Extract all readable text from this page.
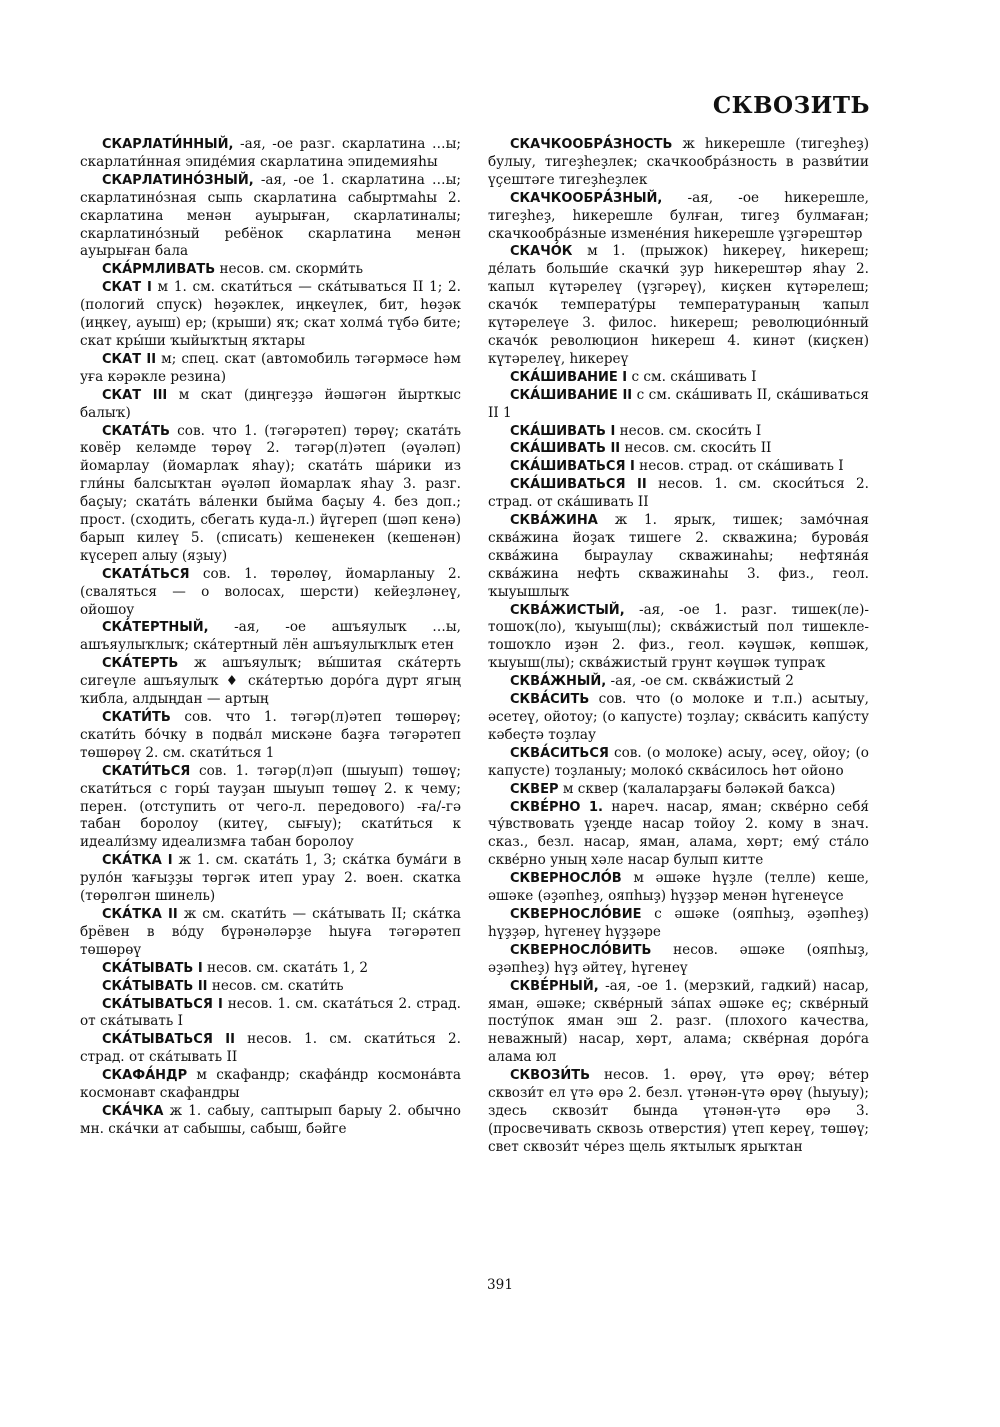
СКВОЗИТЬ

СКАРЛАТИ́ННЫЙ, -ая, -ое разг. скарлатина …ы; скарлати́нная эпиде́мия скарлатина эпидемияһы

СКАРЛАТИНО́ЗНЫЙ, -ая, -ое 1. скарлатина …ы; скарлатино́зная сыпь скарлатина сабыртмаһы 2. скарлатина менән ауырыған, скарлатиналы; скарлатино́зный ребёнок скарлатина менән ауырыған бала

СКА́РМЛИВАТЬ несов. см. скорми́ть

СКАТ I м 1. см. скати́ться — ска́тываться II 1; 2. (пологий спуск) һөҙәклек, иңкеүлек, бит, һөҙәк (иңкеү, ауыш) ер; (крыши) яҡ; скат холма́ түбә бите; скат кры́ши ҡыйыҡтың яҡтары

СКАТ II м; спец. скат (автомобиль тәгәрмәсе һәм уға кәрәкле резина)

СКАТ III м скат (диңгеҙҙә йәшәгән йырткыс балыҡ)

СКАТА́ТЬ сов. что 1. (тәгәрәтеп) төрөү; ската́ть ковёр келәмде төрөү 2. тәгәр(л)әтеп (әүәләп) йомарлау (йомарлаҡ яһау); ската́ть ша́рики из гли́ны балсыҡтан әүәләп йомарлаҡ яһау 3. разг. баҫыу; ската́ть ва́ленки быйма баҫыу 4. без доп.; прост. (сходить, сбегать куда-л.) йүгереп (шәп кенә) барып килеү 5. (списать) кешенекен (кешенән) күсереп алыу (яҙыу)

СКАТА́ТЬСЯ сов. 1. төрөлөү, йомарланыу 2. (сваляться — о волосах, шерсти) кейеҙләнеү, ойошоу

СКА́ТЕРТНЫЙ, -ая, -ое ашъяулыҡ …ы, ашъяулыҡлыҡ; ска́тертный лён ашъяулыҡлыҡ етен

СКА́ТЕРТЬ ж ашъяулыҡ; вы́шитая ска́терть сигеүле ашъяулыҡ ♦ ска́тертью доро́га дүрт ягың ҡибла, алдыңдан — артың

СКАТИ́ТЬ сов. что 1. тәгәр(л)әтеп төшөрөү; скати́ть бо́чку в подва́л мискәне баҙға тәгәрәтеп төшөрөү 2. см. скати́ться 1

СКАТИ́ТЬСЯ сов. 1. тәгәр(л)әп (шыуып) төшөү; скати́ться с горы́ тауҙан шыуып төшөү 2. к чему; перен. (отступить от чего-л. передового) -ға/-гә табан боролоу (китеү, сығыу); скати́ться к идеали́зму идеализмға табан боролоу

СКА́ТКА I ж 1. см. ската́ть 1, 3; ска́тка бума́ги в руло́н ҡағыҙҙы төргәк итеп урау 2. воен. скатка (төрөлгән шинель)

СКА́ТКА II ж см. скати́ть — ска́тывать II; ска́тка брёвен в во́ду бүрәнәләрҙе һыуға тәгәрәтеп төшөрөү

СКА́ТЫВАТЬ I несов. см. ската́ть 1, 2

СКА́ТЫВАТЬ II несов. см. скати́ть

СКА́ТЫВАТЬСЯ I несов. 1. см. ската́ться 2. страд. от ска́тывать I

СКА́ТЫВАТЬСЯ II несов. 1. см. скати́ться 2. страд. от ска́тывать II

СКАФА́НДР м скафандр; скафа́ндр космона́вта космонавт скафандры

СКА́ЧКА ж 1. сабыу, саптырып барыу 2. обычно мн. ска́чки ат сабышы, сабыш, бәйге

СКАЧКООБРА́ЗНОСТЬ ж һикерешле (тигеҙһеҙ) булыу, тигеҙһеҙлек; скачкообра́зность в разви́тии үҫештәге тигеҙһеҙлек

СКАЧКООБРА́ЗНЫЙ, -ая, -ое һикерешле, тигеҙһеҙ, һикерешле булған, тигеҙ булмаған; скачкообра́зные измене́ния һикерешле үҙгәрештәр

СКАЧО́К м 1. (прыжок) һикереү, һикереш; де́лать больши́е скачки́ ҙур һикерештәр яһау 2. ҡапыл күтәрелеү (үҙгәреү), киҫкен күтәрелеш; скачо́к температу́ры температураның ҡапыл күтәрелеүе 3. филос. һикереш; революцио́нный скачо́к революцион һикереш 4. кинәт (киҫкен) күтәрелеү, һикереү

СКА́ШИВАНИЕ I с см. ска́шивать I

СКА́ШИВАНИЕ II с см. ска́шивать II, ска́шиваться II 1

СКА́ШИВАТЬ I несов. см. скоси́ть I

СКА́ШИВАТЬ II несов. см. скоси́ть II

СКА́ШИВАТЬСЯ I несов. страд. от ска́шивать I

СКА́ШИВАТЬСЯ II несов. 1. см. скоси́ться 2. страд. от ска́шивать II

СКВА́ЖИНА ж 1. ярыҡ, тишек; замо́чная сква́жина йоҙаҡ тишеге 2. скважина; бурова́я сква́жина быраулау скважинаһы; нефтяна́я сква́жина нефть скважинаһы 3. физ., геол. ҡыуышлыҡ

СКВА́ЖИСТЫЙ, -ая, -ое 1. разг. тишек(ле)-тошоҡ(ло), ҡыуыш(лы); сква́жистый пол тишекле-тошоҡло иҙән 2. физ., геол. кәүшәк, көпшәк, ҡыуыш(лы); сква́жистый грунт кәүшәк тупраҡ

СКВА́ЖНЫЙ, -ая, -ое см. сква́жистый 2

СКВА́СИТЬ сов. что (о молоке и т.п.) асытыу, әсетеү, ойотоу; (о капусте) тоҙлау; сква́сить капу́сту кәбеҫтә тоҙлау

СКВА́СИТЬСЯ сов. (о молоке) асыу, әсеү, ойоу; (о капусте) тоҙланыу; молоко́ сква́силось һөт ойоно

СКВЕР м сквер (ҡалаларҙағы бәләкәй баҡса)

СКВЕ́РНО 1. нареч. насар, яман; скве́рно себя́ чу́вствовать үҙеңде насар тойоу 2. кому в знач. сказ., безл. насар, яман, алама, хөрт; ему́ ста́ло скве́рно уның хәле насар булып китте

СКВЕРНОСЛО́В м әшәке һүҙле (телле) кеше, әшәке (әҙәпһеҙ, ояпһыҙ) һүҙҙәр менән һүгенеүсе

СКВЕРНОСЛО́ВИЕ с әшәке (ояпһыҙ, әҙәпһеҙ) һүҙҙәр, һүгенеү һүҙҙәре

СКВЕРНОСЛО́ВИТЬ несов. әшәке (ояпһыҙ, әҙәпһеҙ) һүҙ әйтеү, һүгенеү

СКВЕ́РНЫЙ, -ая, -ое 1. (мерзкий, гадкий) насар, яман, әшәке; скве́рный за́пах әшәке еҫ; скве́рный посту́пок яман эш 2. разг. (плохого качества, неважный) насар, хөрт, алама; скве́рная доро́га алама юл

СКВОЗИ́ТЬ несов. 1. өрөү, үтә өрөү; ве́тер сквози́т ел үтә өрә 2. безл. үтәнән-үтә өрөү (һыуыу); здесь сквози́т бында үтәнән-үтә өрә 3. (просвечивать сквозь отверстия) үтеп кереү, төшөү; свет сквози́т че́рез щель яҡтылыҡ ярыҡтан

391
